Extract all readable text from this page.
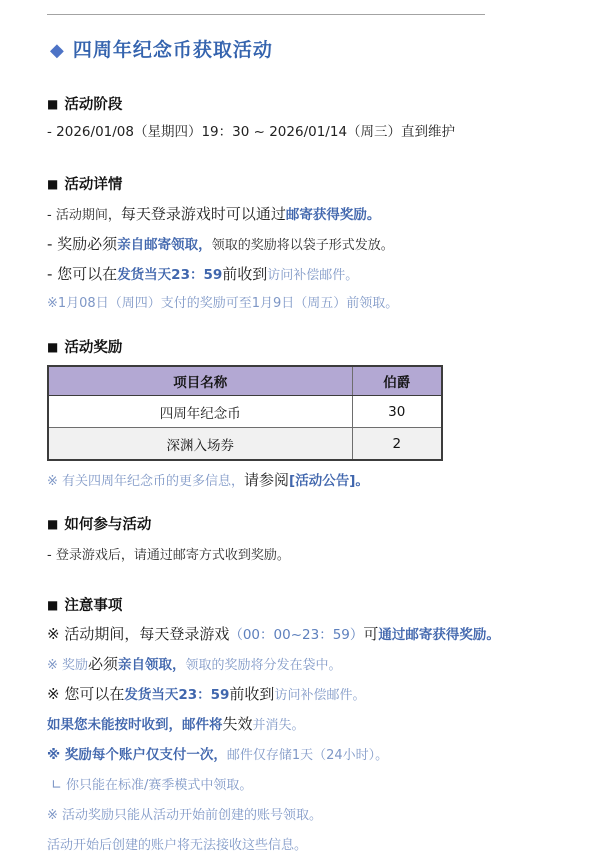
◆ 四周年纪念币获取活动
■ 活动阶段
- 2026/01/08（星期四）19：30 ~ 2026/01/14（周三）直到维护
■ 活动详情
- 活动期间，每天登录游戏时可以通过邮寄获得奖励。
- 奖励必须亲自邮寄领取，领取的奖励将以袋子形式发放。
- 您可以在发货当天23：59前收到访问补偿邮件。
※1月08日（周四）支付的奖励可至1月9日（周五）前领取。
■ 活动奖励
项目名称	伯爵
四周年纪念币	30
深渊入场券	2
※ 有关四周年纪念币的更多信息，请参阅[活动公告]。
■ 如何参与活动
- 登录游戏后，请通过邮寄方式收到奖励。
■ 注意事项
※ 活动期间，每天登录游戏（00：00~23：59）可通过邮寄获得奖励。
※ 奖励必须亲自领取，领取的奖励将分发在袋中。
※ 您可以在发货当天23：59前收到访问补偿邮件。
如果您未能按时收到，邮件将失效并消失。
※ 奖励每个账户仅支付一次，邮件仅存储1天（24小时）。
∟ 你只能在标准/赛季模式中领取。
※ 活动奖励只能从活动开始前创建的账号领取。
活动开始后创建的账户将无法接收这些信息。
